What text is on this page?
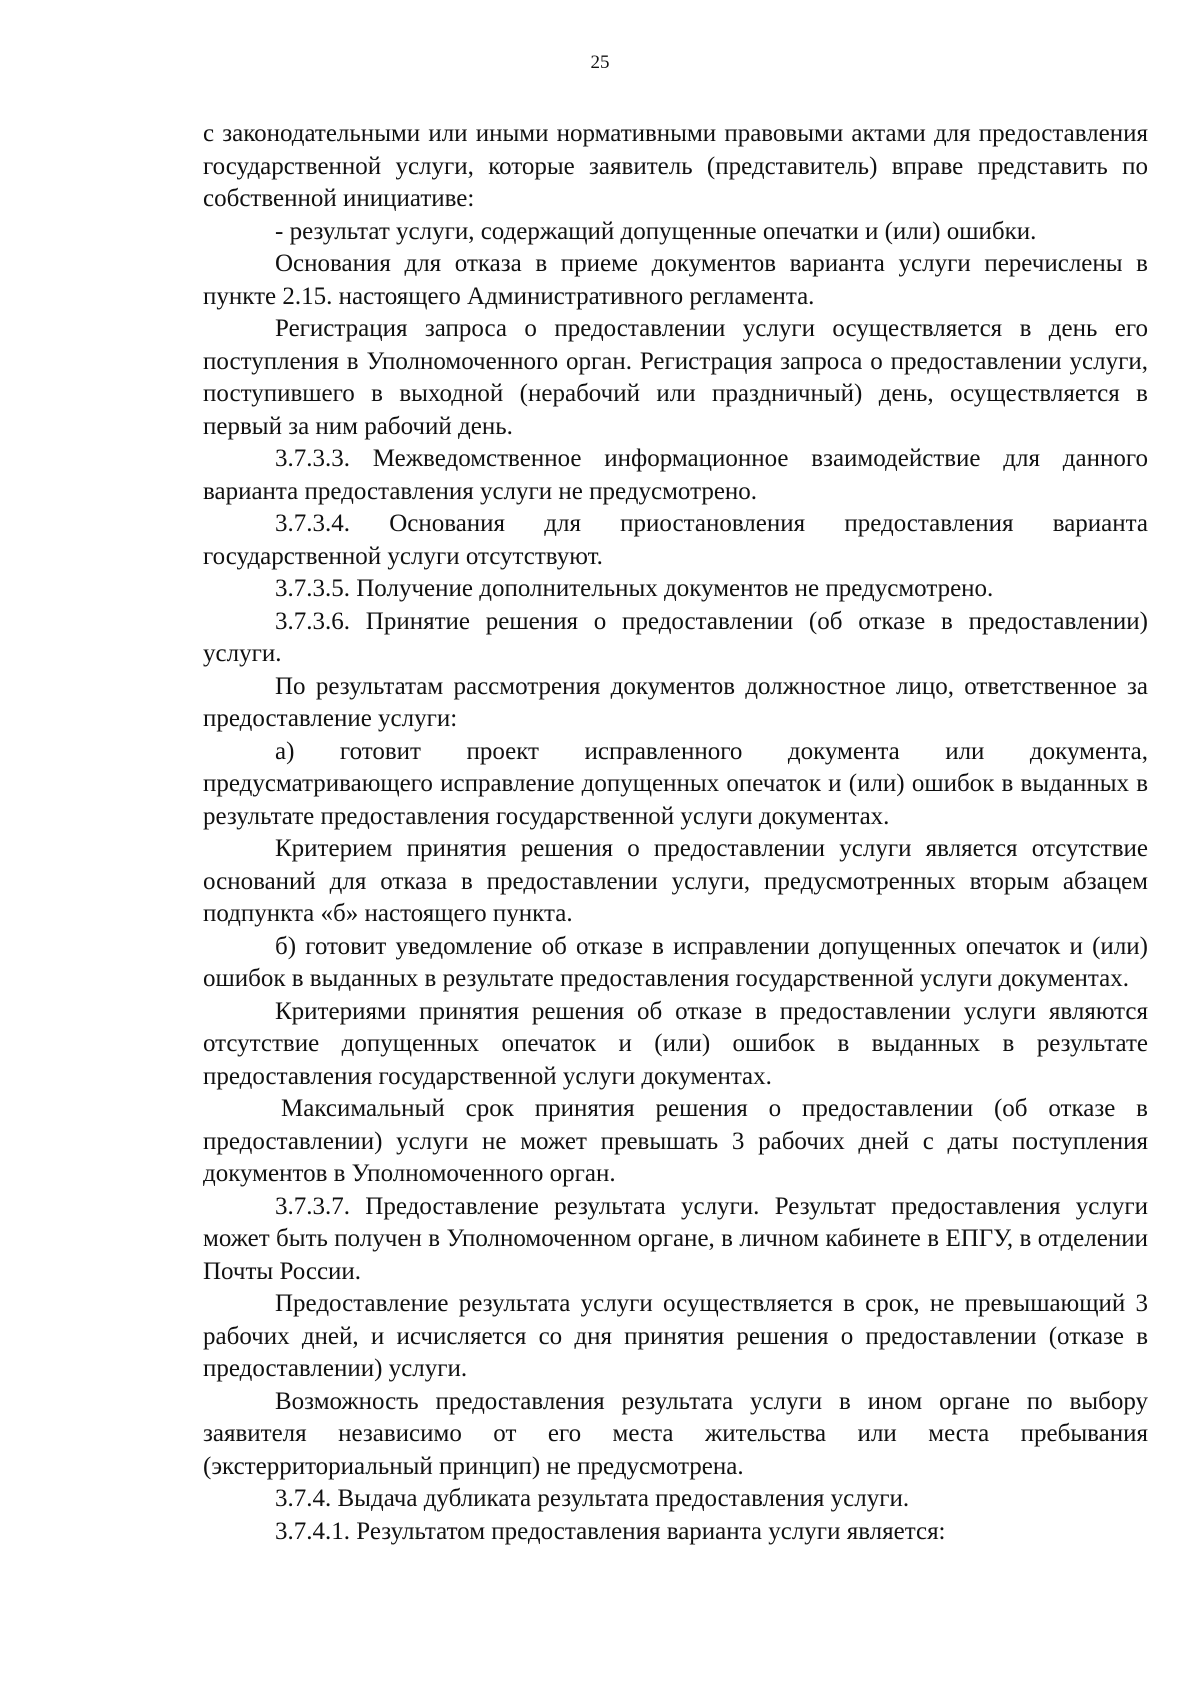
25

с законодательными или иными нормативными правовыми актами для предоставления государственной услуги, которые заявитель (представитель) вправе представить по собственной инициативе:

- результат услуги, содержащий допущенные опечатки и (или) ошибки.

Основания для отказа в приеме документов варианта услуги перечислены в пункте 2.15. настоящего Административного регламента.

Регистрация запроса о предоставлении услуги осуществляется в день его поступления в Уполномоченного орган. Регистрация запроса о предоставлении услуги, поступившего в выходной (нерабочий или праздничный) день, осуществляется в первый за ним рабочий день.

3.7.3.3. Межведомственное информационное взаимодействие для данного варианта предоставления услуги не предусмотрено.

3.7.3.4. Основания для приостановления предоставления варианта государственной услуги отсутствуют.

3.7.3.5. Получение дополнительных документов не предусмотрено.

3.7.3.6. Принятие решения о предоставлении (об отказе в предоставлении) услуги.

По результатам рассмотрения документов должностное лицо, ответственное за предоставление услуги:

а) готовит проект исправленного документа или документа, предусматривающего исправление допущенных опечаток и (или) ошибок в выданных в результате предоставления государственной услуги документах.

Критерием принятия решения о предоставлении услуги является отсутствие оснований для отказа в предоставлении услуги, предусмотренных вторым абзацем подпункта «б» настоящего пункта.

б) готовит уведомление об отказе в исправлении допущенных опечаток и (или) ошибок в выданных в результате предоставления государственной услуги документах.

Критериями принятия решения об отказе в предоставлении услуги являются отсутствие допущенных опечаток и (или) ошибок в выданных в результате предоставления государственной услуги документах.

Максимальный срок принятия решения о предоставлении (об отказе в предоставлении) услуги не может превышать 3 рабочих дней с даты поступления документов в Уполномоченного орган.

3.7.3.7. Предоставление результата услуги. Результат предоставления услуги может быть получен в Уполномоченном органе, в личном кабинете в ЕПГУ, в отделении Почты России.

Предоставление результата услуги осуществляется в срок, не превышающий 3 рабочих дней, и исчисляется со дня принятия решения о предоставлении (отказе в предоставлении) услуги.

Возможность предоставления результата услуги в ином органе по выбору заявителя независимо от его места жительства или места пребывания (экстерриториальный принцип) не предусмотрена.

3.7.4. Выдача дубликата результата предоставления услуги.

3.7.4.1. Результатом предоставления варианта услуги является:
